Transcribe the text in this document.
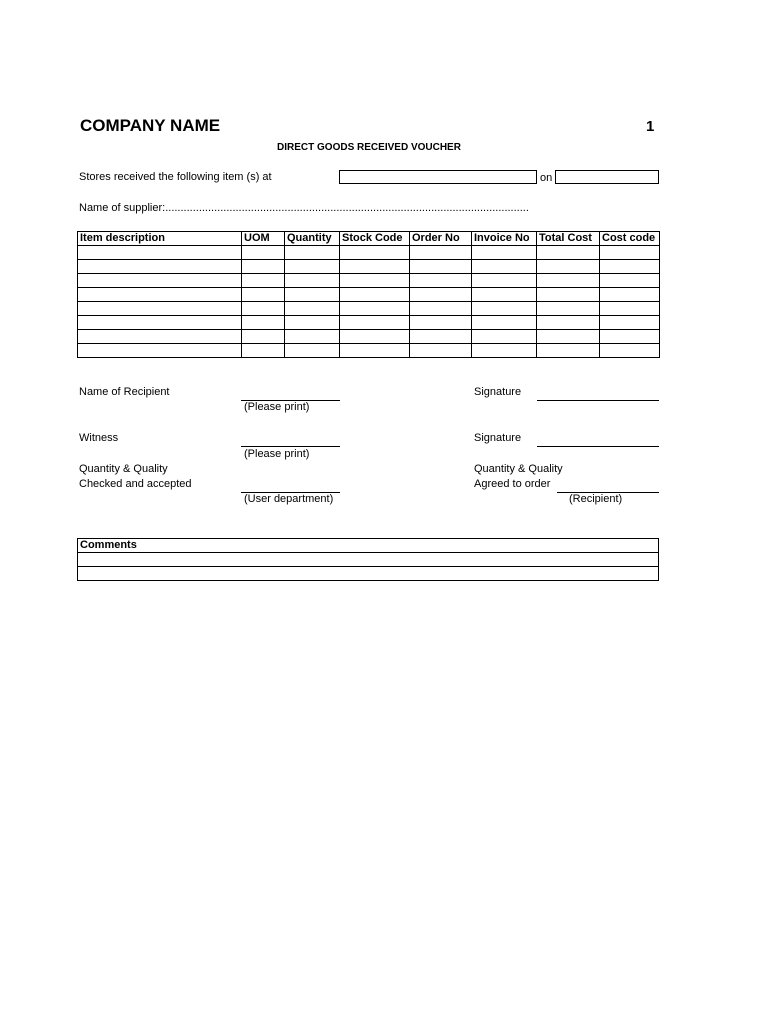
COMPANY NAME	1
DIRECT GOODS RECEIVED VOUCHER
Stores received the following item (s) at	on
Name of supplier:.......................................................................................................................
Item description	UOM	Quantity	Stock Code	Order No	Invoice No	Total Cost	Cost code

Name of Recipient
(Please print)
Signature
Witness
(Please print)
Signature
Quantity & Quality
Checked and accepted
(User department)
Quantity & Quality
Agreed to order
(Recipient)
Comments
